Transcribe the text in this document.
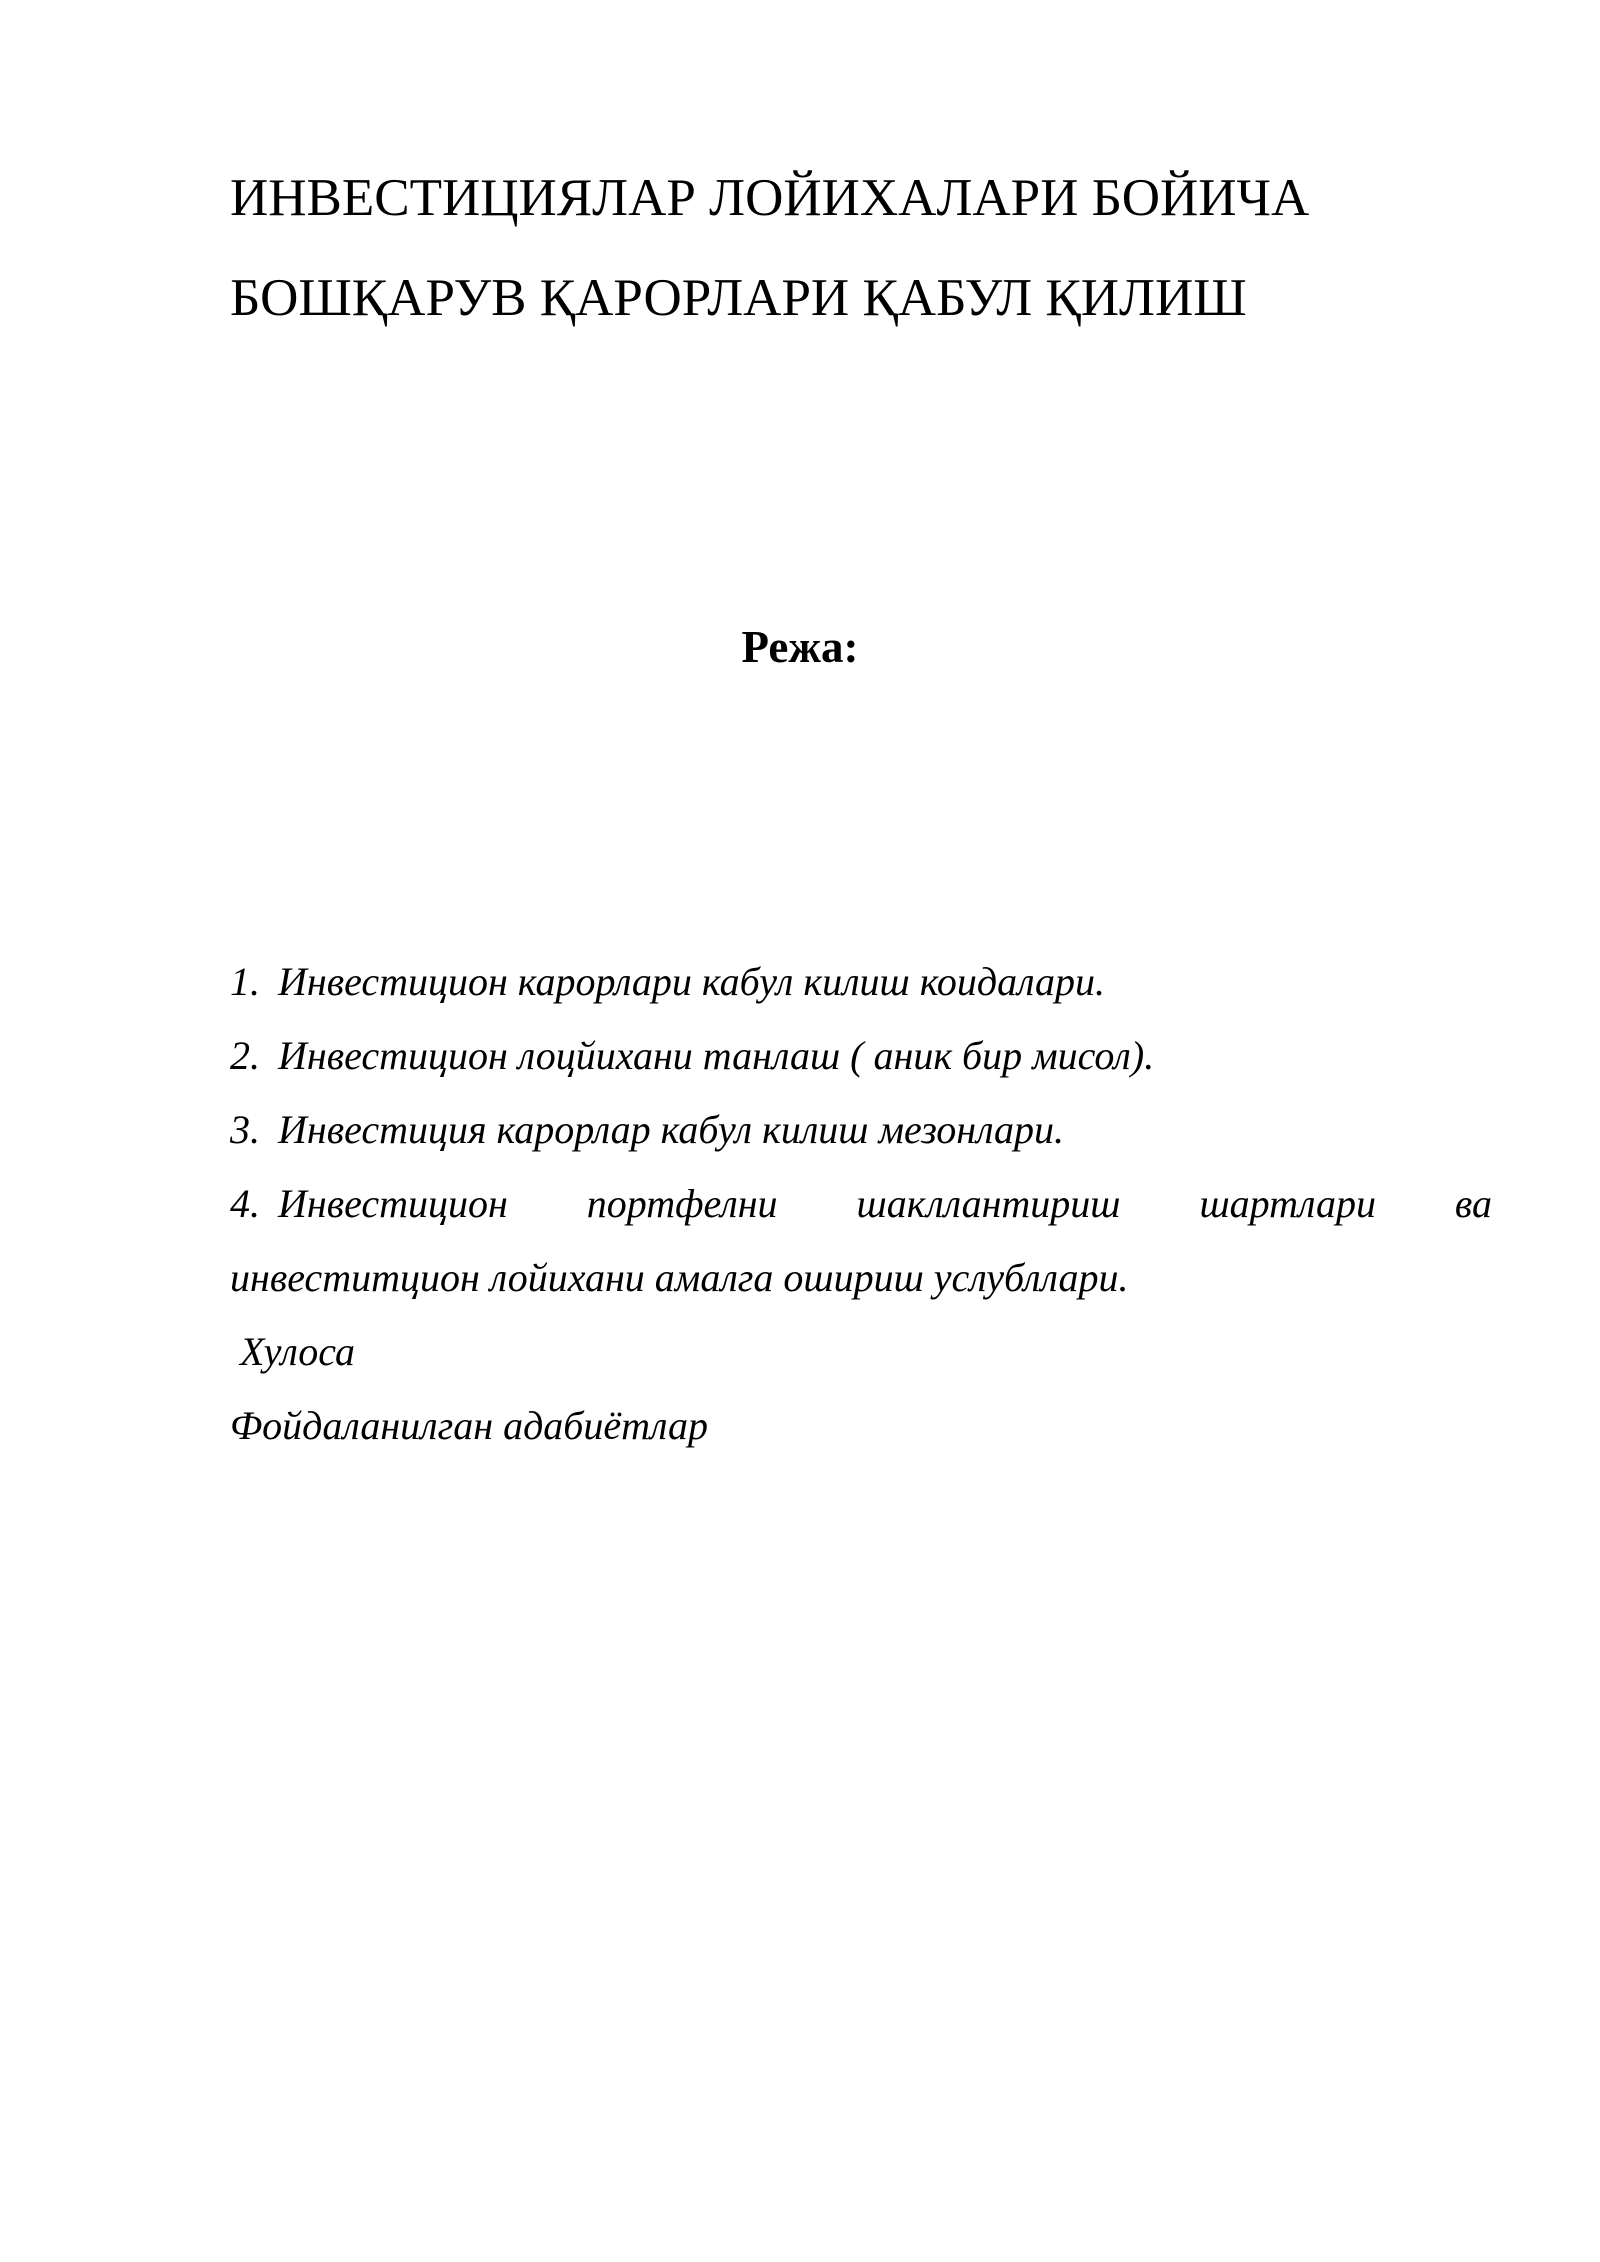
ИНВЕСТИЦИЯЛАР ЛОЙИХАЛАРИ БОЙИЧА
БОШҚАРУВ ҚАРОРЛАРИ ҚАБУЛ ҚИЛИШ
Режа:
1. Инвестицион карорлари кабул килиш коидалари.
2. Инвестицион лоцйихани танлаш ( аник бир мисол).
3. Инвестиция карорлар кабул килиш мезонлари.
4. Инвестицион портфелни шакллантириш шартлари ва
инвеститцион лойихани амалга ошириш услубллари.
Хулоса
Фойдаланилган адабиётлар
